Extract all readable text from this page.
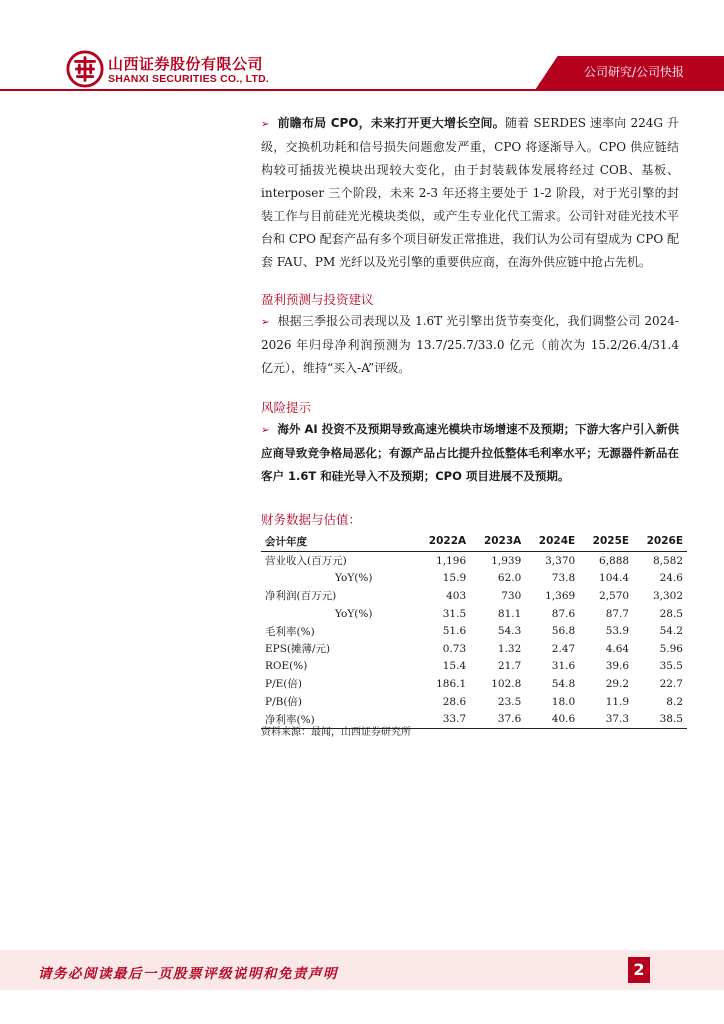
山西证券股份有限公司
SHANXI SECURITIES CO., LTD.	公司研究/公司快报
➢ 前瞻布局 CPO，未来打开更大增长空间。随着 SERDES 速率向 224G 升级，交换机功耗和信号损失问题愈发严重，CPO 将逐渐导入。CPO 供应链结构较可插拔光模块出现较大变化，由于封装载体发展将经过 COB、基板、interposer 三个阶段，未来 2-3 年还将主要处于 1-2 阶段，对于光引擎的封装工作与目前硅光光模块类似，或产生专业化代工需求。公司针对硅光技术平台和 CPO 配套产品有多个项目研发正常推进，我们认为公司有望成为 CPO 配套 FAU、PM 光纤以及光引擎的重要供应商，在海外供应链中抢占先机。
盈利预测与投资建议
➢ 根据三季报公司表现以及 1.6T 光引擎出货节奏变化，我们调整公司 2024-2026 年归母净利润预测为 13.7/25.7/33.0 亿元（前次为 15.2/26.4/31.4 亿元），维持“买入-A”评级。
风险提示
➢ 海外 AI 投资不及预期导致高速光模块市场增速不及预期；下游大客户引入新供应商导致竞争格局恶化；有源产品占比提升拉低整体毛利率水平；无源器件新品在客户 1.6T 和硅光导入不及预期；CPO 项目进展不及预期。
财务数据与估值：
会计年度	2022A	2023A	2024E	2025E	2026E
营业收入(百万元)	1,196	1,939	3,370	6,888	8,582
YoY(%)	15.9	62.0	73.8	104.4	24.6
净利润(百万元)	403	730	1,369	2,570	3,302
YoY(%)	31.5	81.1	87.6	87.7	28.5
毛利率(%)	51.6	54.3	56.8	53.9	54.2
EPS(摊薄/元)	0.73	1.32	2.47	4.64	5.96
ROE(%)	15.4	21.7	31.6	39.6	35.5
P/E(倍)	186.1	102.8	54.8	29.2	22.7
P/B(倍)	28.6	23.5	18.0	11.9	8.2
净利率(%)	33.7	37.6	40.6	37.3	38.5
资料来源：最闻，山西证券研究所
请务必阅读最后一页股票评级说明和免责声明	2
